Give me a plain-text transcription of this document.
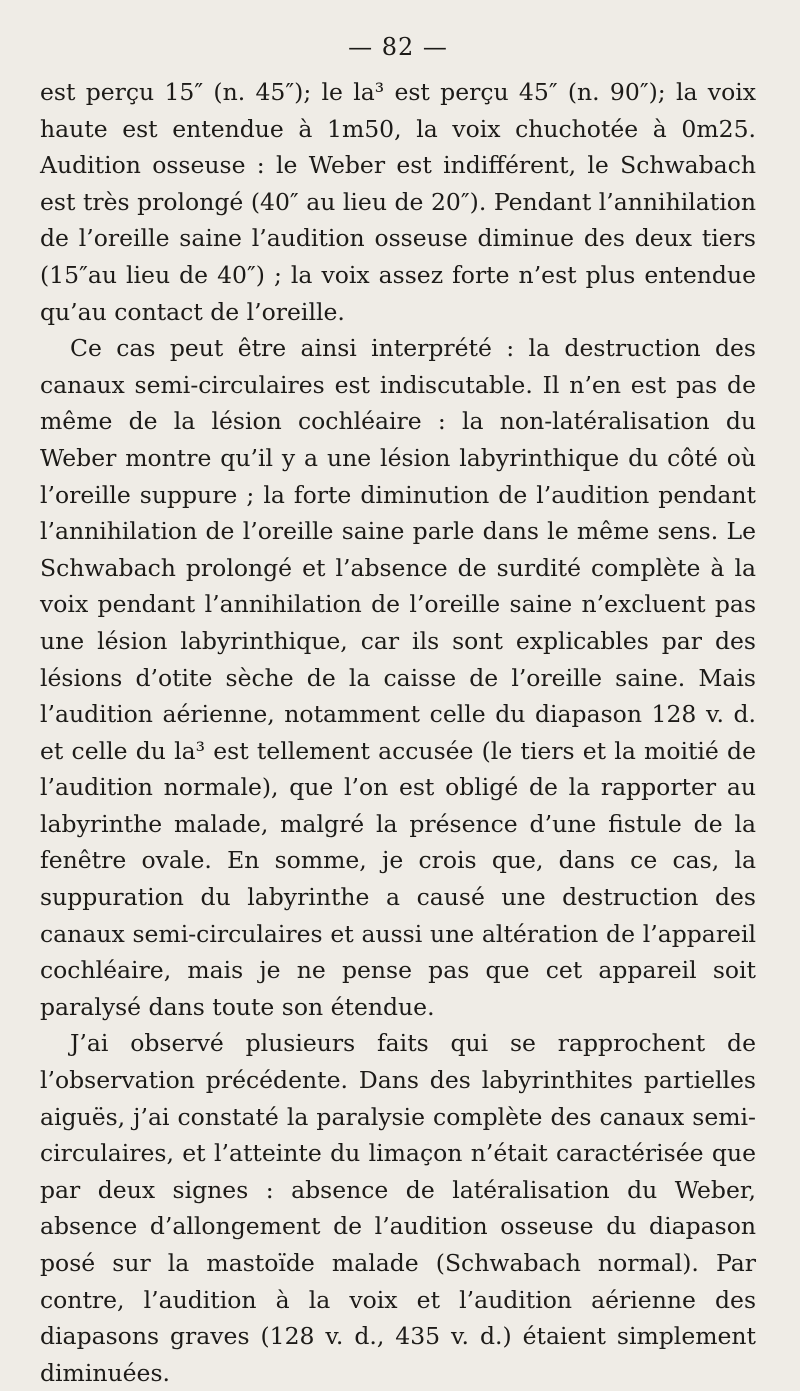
— 82 —

est perçu 15″ (n. 45″); le la³ est perçu 45″ (n. 90″); la voix haute est entendue à 1m50, la voix chuchotée à 0m25. Audition osseuse : le Weber est indifférent, le Schwabach est très prolongé (40″ au lieu de 20″). Pendant l’annihilation de l’oreille saine l’audition osseuse diminue des deux tiers (15″au lieu de 40″) ; la voix assez forte n’est plus entendue qu’au contact de l’oreille.

Ce cas peut être ainsi interprété : la destruction des canaux semi-circulaires est indiscutable. Il n’en est pas de même de la lésion cochléaire : la non-latéralisation du Weber montre qu’il y a une lésion labyrinthique du côté où l’oreille suppure ; la forte diminution de l’audition pendant l’annihilation de l’oreille saine parle dans le même sens. Le Schwabach prolongé et l’absence de surdité complète à la voix pendant l’annihilation de l’oreille saine n’excluent pas une lésion labyrinthique, car ils sont explicables par des lésions d’otite sèche de la caisse de l’oreille saine. Mais l’audition aérienne, notamment celle du diapason 128 v. d. et celle du la³ est tellement accusée (le tiers et la moitié de l’audition normale), que l’on est obligé de la rapporter au labyrinthe malade, malgré la présence d’une fistule de la fenêtre ovale. En somme, je crois que, dans ce cas, la suppuration du labyrinthe a causé une destruction des canaux semi-circulaires et aussi une altération de l’appareil cochléaire, mais je ne pense pas que cet appareil soit paralysé dans toute son étendue.

J’ai observé plusieurs faits qui se rapprochent de l’observation précédente. Dans des labyrinthites partielles aiguës, j’ai constaté la paralysie complète des canaux semi-circulaires, et l’atteinte du limaçon n’était caractérisée que par deux signes : absence de latéralisation du Weber, absence d’allongement de l’audition osseuse du diapason posé sur la mastoïde malade (Schwabach normal). Par contre, l’audition à la voix et l’audition aérienne des diapasons graves (128 v. d., 435 v. d.) étaient simplement diminuées.
